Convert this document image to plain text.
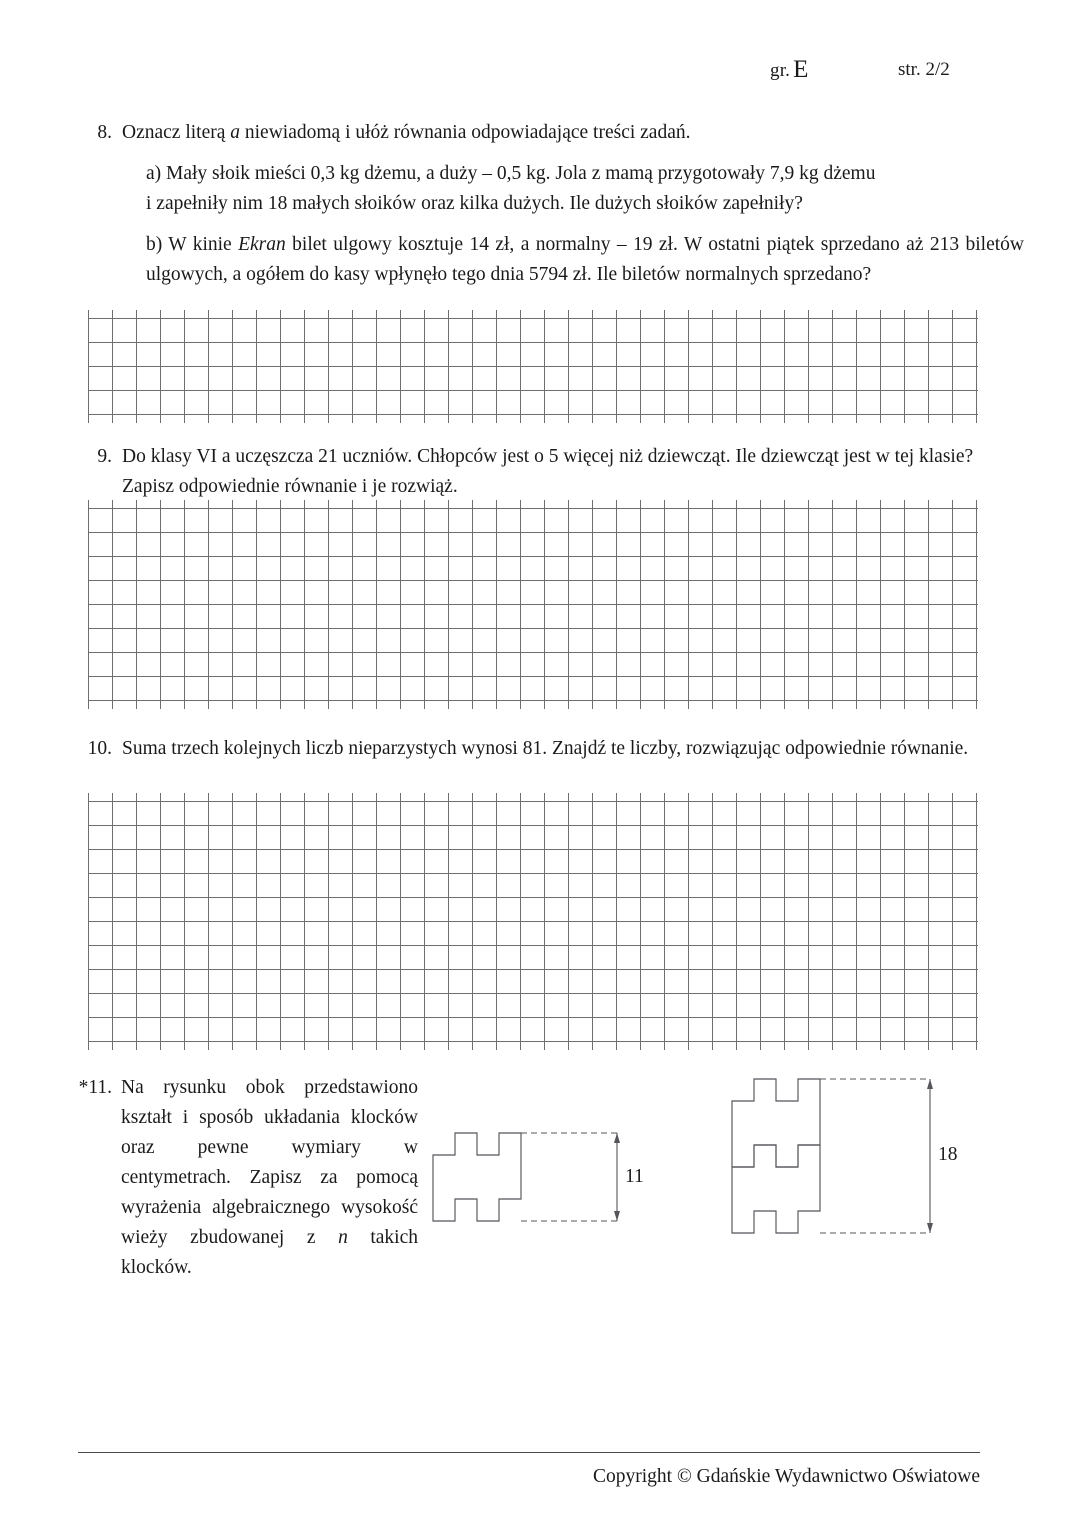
gr. E	str. 2/2
8. Oznacz literą a niewiadomą i ułóż równania odpowiadające treści zadań.

a) Mały słoik mieści 0,3 kg dżemu, a duży – 0,5 kg. Jola z mamą przygotowały 7,9 kg dżemu

i zapełniły nim 18 małych słoików oraz kilka dużych. Ile dużych słoików zapełniły?

b) W kinie Ekran bilet ulgowy kosztuje 14 zł, a normalny – 19 zł. W ostatni piątek sprzedano aż 213 biletów ulgowych, a ogółem do kasy wpłynęło tego dnia 5794 zł. Ile biletów normalnych sprzedano?

9. Do klasy VI a uczęszcza 21 uczniów. Chłopców jest o 5 więcej niż dziewcząt. Ile dziewcząt jest w tej klasie? Zapisz odpowiednie równanie i je rozwiąż.
10. Suma trzech kolejnych liczb nieparzystych wynosi 81. Znajdź te liczby, rozwiązując odpowiednie równanie.
*11. Na rysunku obok przedstawiono kształt i sposób układania klocków oraz pewne wymiary w centymetrach. Zapisz za pomocą wyrażenia algebraicznego wysokość wieży zbudowanej z n takich klocków.
11
18
Copyright © Gdańskie Wydawnictwo Oświatowe
